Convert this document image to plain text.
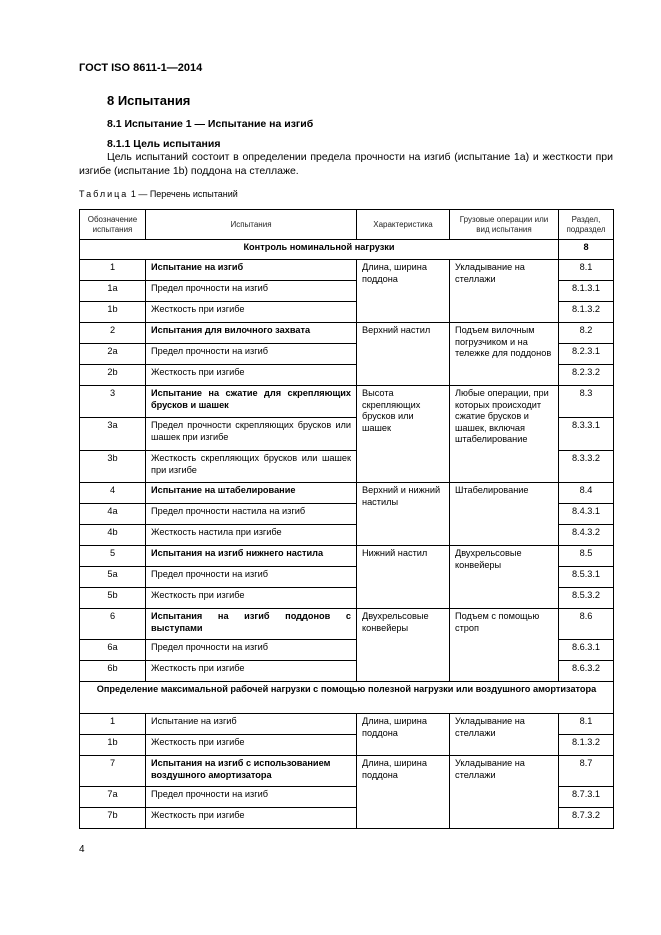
ГОСТ ISO 8611-1—2014
8 Испытания
8.1 Испытание 1 — Испытание на изгиб
8.1.1 Цель испытания
Цель испытаний состоит в определении предела прочности на изгиб (испытание 1а) и жесткости при изгибе (испытание 1b) поддона на стеллаже.
Таблица 1 — Перечень испытаний
Обозначение испытания	Испытания	Характеристика	Грузовые операции или вид испытания	Раздел, подраздел
Контроль номинальной нагрузки				8
1	Испытание на изгиб	Длина, ширина поддона	Укладывание на стеллажи	8.1
1a	Предел прочности на изгиб			8.1.3.1
1b	Жесткость при изгибе			8.1.3.2
2	Испытания для вилочного захвата	Верхний настил	Подъем вилочным погрузчиком и на тележке для поддонов	8.2
2a	Предел прочности на изгиб			8.2.3.1
2b	Жесткость при изгибе			8.2.3.2
3	Испытание на сжатие для скрепляющих брусков и шашек	Высота скрепляющих брусков или шашек	Любые операции, при которых происходит сжатие брусков и шашек, включая штабелирование	8.3
3a	Предел прочности скрепляющих брусков или шашек при изгибе			8.3.3.1
3b	Жесткость скрепляющих брусков или шашек при изгибе			8.3.3.2
4	Испытание на штабелирование	Верхний и нижний настилы	Штабелирование	8.4
4a	Предел прочности настила на изгиб			8.4.3.1
4b	Жесткость настила при изгибе			8.4.3.2
5	Испытания на изгиб нижнего настила	Нижний настил	Двухрельсовые конвейеры	8.5
5a	Предел прочности на изгиб			8.5.3.1
5b	Жесткость при изгибе			8.5.3.2
6	Испытания на изгиб поддонов с выступами	Двухрельсовые конвейеры	Подъем с помощью строп	8.6
6a	Предел прочности на изгиб			8.6.3.1
6b	Жесткость при изгибе			8.6.3.2
Определение максимальной рабочей нагрузки с помощью полезной нагрузки или воздушного амортизатора				
1	Испытание на изгиб	Длина, ширина поддона	Укладывание на стеллажи	8.1
1b	Жесткость при изгибе			8.1.3.2
7	Испытания на изгиб с использованием воздушного амортизатора	Длина, ширина поддона	Укладывание на стеллажи	8.7
7a	Предел прочности на изгиб			8.7.3.1
7b	Жесткость при изгибе			8.7.3.2
4
